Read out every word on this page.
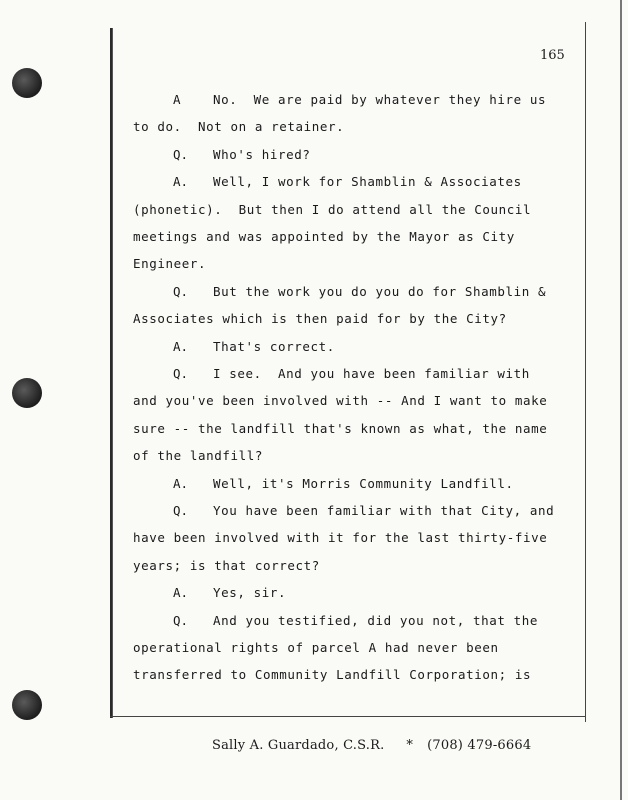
165
A	No.  We are paid by whatever they hire us
to do.  Not on a retainer.
Q. Who's hired?
A. Well, I work for Shamblin & Associates
(phonetic).  But then I do attend all the Council
meetings and was appointed by the Mayor as City
Engineer.
Q. But the work you do you do for Shamblin &
Associates which is then paid for by the City?
A. That's correct.
Q. I see.  And you have been familiar with
and you've been involved with -- And I want to make
sure -- the landfill that's known as what, the name
of the landfill?
A. Well, it's Morris Community Landfill.
Q. You have been familiar with that City, and
have been involved with it for the last thirty-five
years; is that correct?
A. Yes, sir.
Q. And you testified, did you not, that the
operational rights of parcel A had never been
transferred to Community Landfill Corporation; is
Sally A. Guardado, C.S.R. * (708) 479-6664
